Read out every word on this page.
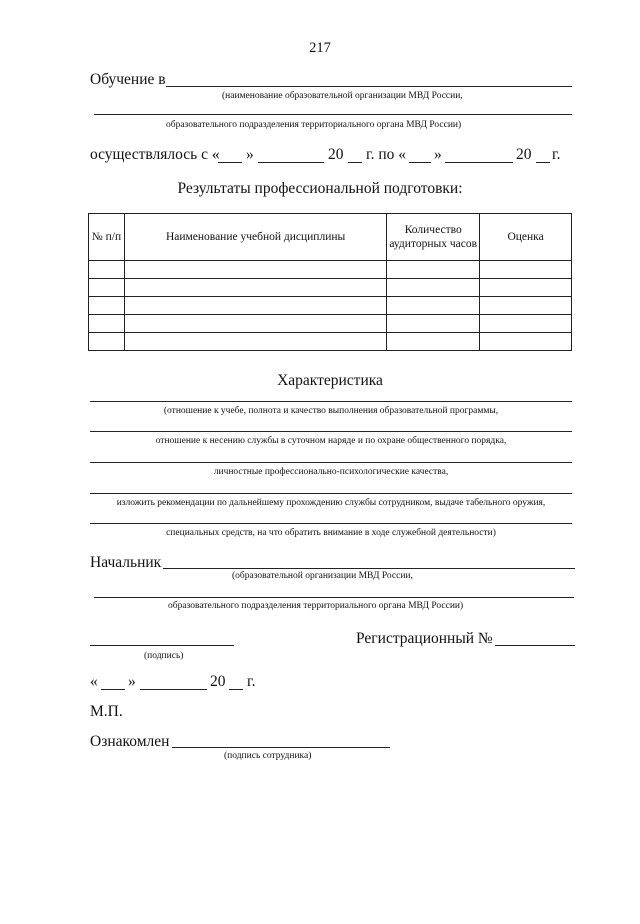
217
Обучение в
(наименование образовательной организации МВД России,
образовательного подразделения территориального органа МВД России)
осуществлялось с « »	20 г. по « »	20 г.
Результаты профессиональной подготовки:
№ п/п	Наименование учебной дисциплины	Количество аудиторных часов	Оценка

Характеристика
(отношение к учебе, полнота и качество выполнения образовательной программы,
отношение к несению службы в суточном наряде и по охране общественного порядка,
личностные профессионально-психологические качества,
изложить рекомендации по дальнейшему прохождению службы сотрудником, выдаче табельного оружия,
специальных средств, на что обратить внимание в ходе служебной деятельности)
Начальник
(образовательной организации МВД России,
образовательного подразделения территориального органа МВД России)
(подпись)
Регистрационный №
« »	20 г.
М.П.
Ознакомлен
(подпись сотрудника)
